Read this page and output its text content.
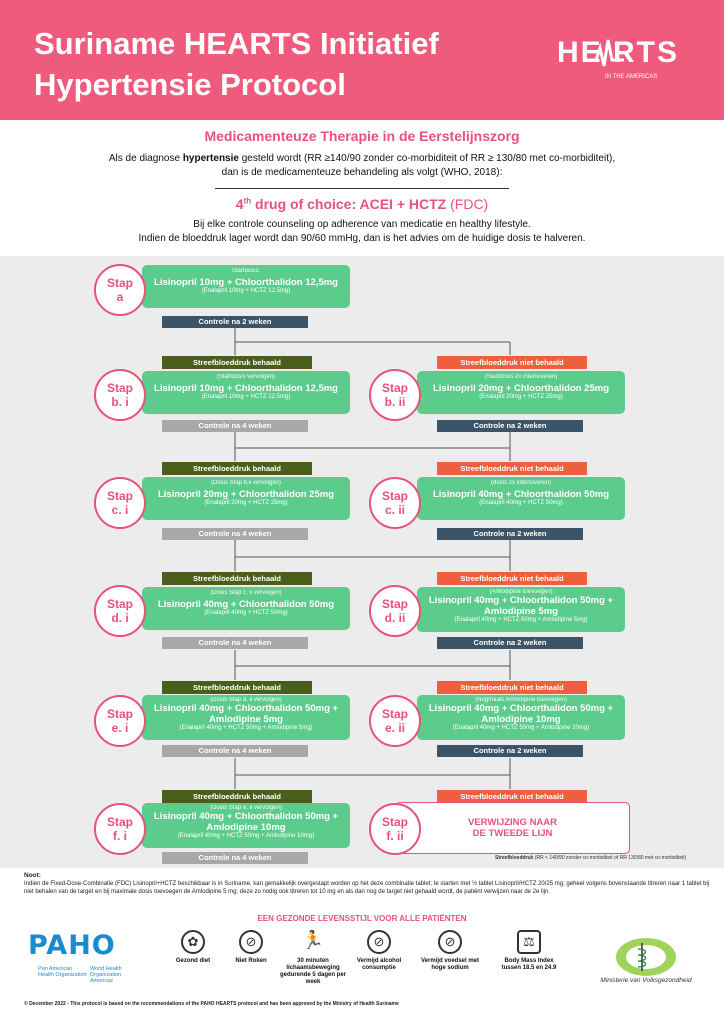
Suriname HEARTS Initiatief
Hypertensie Protocol
HE RTS
IN THE AMERICAS
Medicamenteuze Therapie in de Eerstelijnszorg
Als de diagnose hypertensie gesteld wordt (RR ≥140/90 zonder co-morbiditeit of RR ≥ 130/80 met co-morbiditeit),
dan is de medicamenteuze behandeling als volgt (WHO, 2018):
4th drug of choice: ACEI + HCTZ (FDC)
Bij elke controle counseling op adherence van medicatie en healthy lifestyle.
Indien de bloeddruk lager wordt dan 90/60 mmHg, dan is het advies om de huidige dosis te halveren.
Stap
a
Startdosis:
Lisinopril 10mg + Chloorthalidon 12,5mg
(Enalapril 10mg + HCTZ 12,5mg)
Controle na 2 weken
Streefbloeddruk behaald	Streefbloeddruk niet behaald
Stap
b. i
(Startdosis vervolgen)
Lisinopril 10mg + Chloorthalidon 12,5mg
(Enalapril 10mg + HCTZ 12,5mg)
Controle na 4 weken
Stap
b. ii
(Startdosis 2x intensiveren)
Lisinopril 20mg + Chloorthalidon 25mg
(Enalapril 20mg + HCTZ 25mg)
Controle na 2 weken
Streefbloeddruk behaald	Streefbloeddruk niet behaald
Stap
c. i
(Dosis Stap b.ii vervolgen)
Lisinopril 20mg + Chloorthalidon 25mg
(Enalapril 20mg + HCTZ 25mg)
Controle na 4 weken
Stap
c. ii
(dosis 2x intensiveren)
Lisinopril 40mg + Chloorthalidon 50mg
(Enalapril 40mg + HCTZ 50mg)
Controle na 2 weken
Streefbloeddruk behaald	Streefbloeddruk niet behaald
Stap
d. i
(Dosis Stap c. ii vervolgen)
Lisinopril 40mg + Chloorthalidon 50mg
(Enalapril 40mg + HCTZ 50mg)
Controle na 4 weken
Stap
d. ii
(Amlodipine toevoegen)
Lisinopril 40mg + Chloorthalidon 50mg +
Amlodipine 5mg
(Enalapril 40mg + HCTZ 50mg + Amlodipine 5mg)
Controle na 2 weken
Streefbloeddruk behaald	Streefbloeddruk niet behaald
Stap
e. i
(Dosis Stap d. ii vervolgen)
Lisinopril 40mg + Chloorthalidon 50mg +
Amlodipine 5mg
(Enalapril 40mg + HCTZ 50mg + Amlodipine 5mg)
Controle na 4 weken
Stap
e. ii
(Nogmaals Amlodipine toevoegen)
Lisinopril 40mg + Chloorthalidon 50mg +
Amlodipine 10mg
(Enalapril 40mg + HCTZ 50mg + Amlodipine 10mg)
Controle na 2 weken
Streefbloeddruk behaald	Streefbloeddruk niet behaald
Stap
f. i
(Dosis Stap e. ii vervolgen)
Lisinopril 40mg + Chloorthalidon 50mg +
Amlodipine 10mg
(Enalapril 40mg + HCTZ 50mg + Amlodipine 10mg)
Controle na 4 weken
Stap
f. ii
VERWIJZING NAAR
DE TWEEDE LIJN
Streefbloeddruk (RR < 140/90 zonder co-morbiditeit of RR 130/80 met co-morbiditeit)
Noot:
Indien de Fixed-Dose-Combinatie (FDC) Lisinopril+HCTZ beschikbaar is in Suriname, kan gemakkelijk overgestapt worden op het deze combinatie tablet; te starten met ½ tablet Lisinopril/HCTZ 20/25 mg; geheel volgens bovenstaande titreren naar 1 tablet bij niet behalen van de target en bij maximale dosis toevoegen de Amlodipine 5 mg; deze zo nodig ook titreren tot 10 mg en als dan nog de target niet gehaald wordt, de patiënt verwijzen naar de 2e lijn.
EEN GEZONDE LEVENSSTIJL VOOR ALLE PATIËNTEN
PAHO
Pan American Health Organization
World Health Organization Americas
✿
Gezond diet
⊘
Niet Roken
🏃
30 minuten lichaamsbeweging gedurende 5 dagen per week
⊘
Vermijd alcohol consumptie
⊘
Vermijd voedsel met hoge sodium
⚖
Body Mass Index tussen 18.5 en 24.9
Ministerie van Volksgezondheid
© December 2022 - This protocol is based on the recommendations of the PAHO HEARTS protocol and has been approved by the Ministry of Health Suriname
